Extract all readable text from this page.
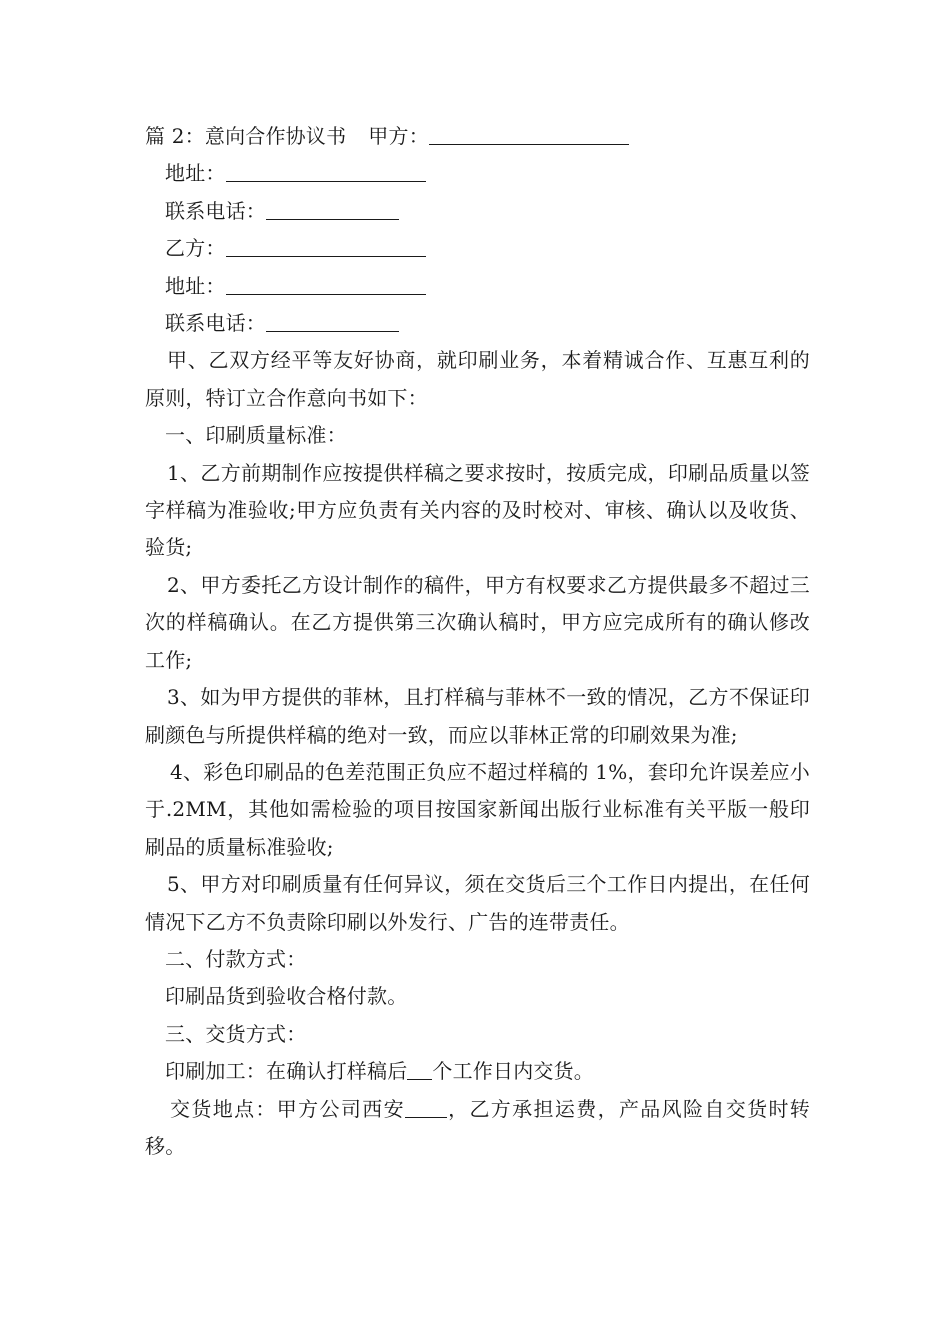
篇 2：意向合作协议书 甲方：

地址：

联系电话：

乙方：

地址：

联系电话：

甲、乙双方经平等友好协商，就印刷业务，本着精诚合作、互惠互利的原则，特订立合作意向书如下：

一、印刷质量标准：

1、乙方前期制作应按提供样稿之要求按时，按质完成，印刷品质量以签字样稿为准验收;甲方应负责有关内容的及时校对、审核、确认以及收货、验货;

2、甲方委托乙方设计制作的稿件，甲方有权要求乙方提供最多不超过三次的样稿确认。在乙方提供第三次确认稿时，甲方应完成所有的确认修改工作;

3、如为甲方提供的菲林，且打样稿与菲林不一致的情况，乙方不保证印刷颜色与所提供样稿的绝对一致，而应以菲林正常的印刷效果为准;

4、彩色印刷品的色差范围正负应不超过样稿的 1%，套印允许误差应小于.2MM，其他如需检验的项目按国家新闻出版行业标准有关平版一般印刷品的质量标准验收;

5、甲方对印刷质量有任何异议，须在交货后三个工作日内提出，在任何情况下乙方不负责除印刷以外发行、广告的连带责任。

二、付款方式：

印刷品货到验收合格付款。

三、交货方式：

印刷加工：在确认打样稿后 个工作日内交货。

交货地点：甲方公司西安 ，乙方承担运费，产品风险自交货时转移。
